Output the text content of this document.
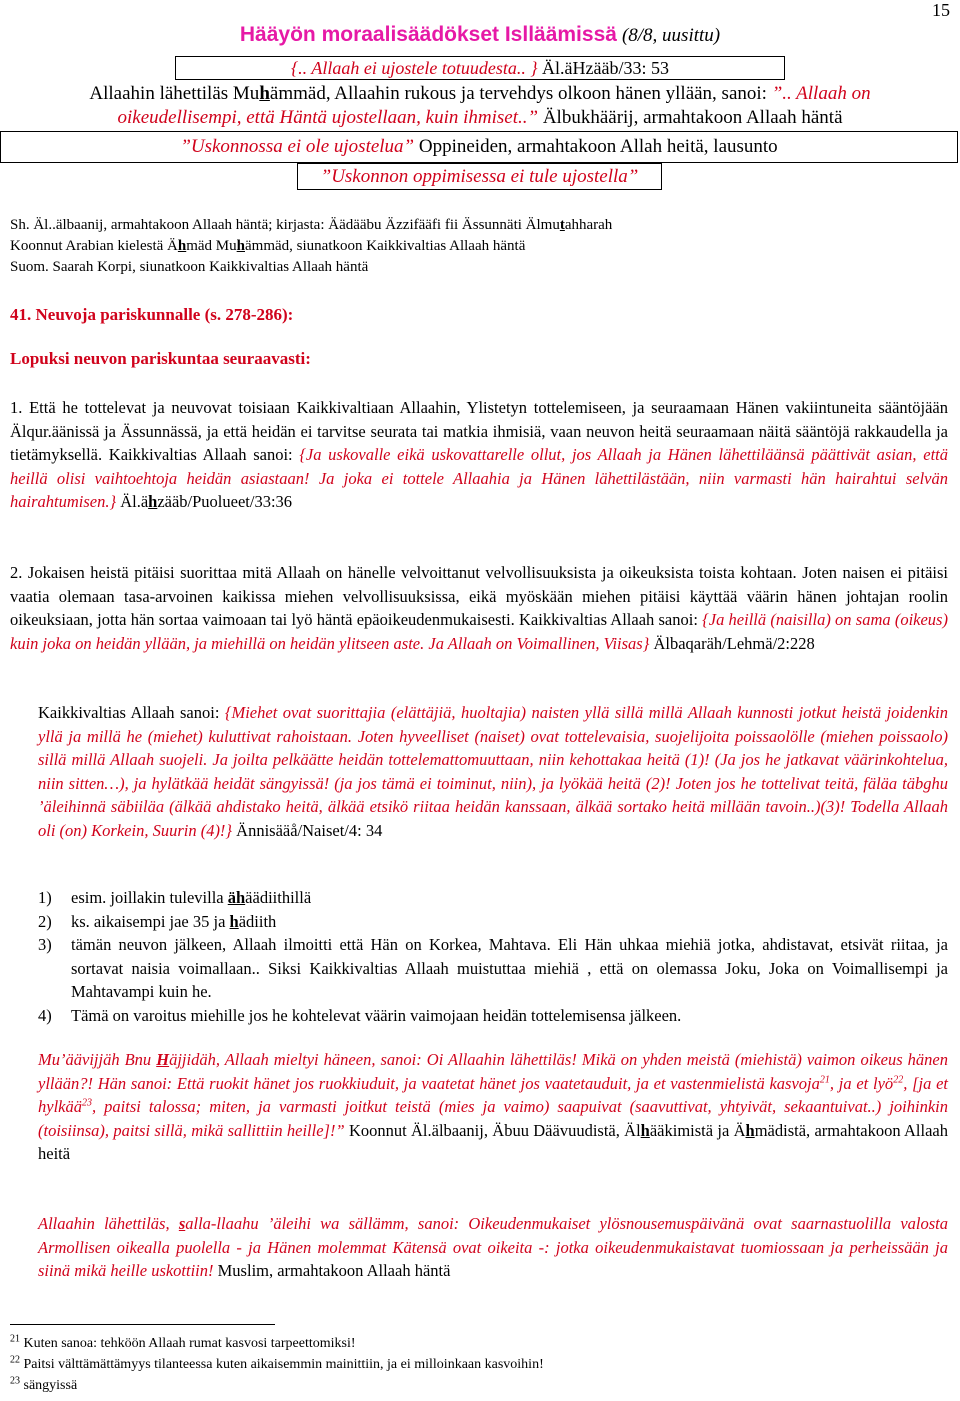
15
Hääyön moraalisäädökset Islläämissä (8/8, uusittu)
{.. Allaah ei ujostele totuudesta.. } Äl.äHzääb/33: 53
Allaahin lähettiläs Muhämmäd, Allaahin rukous ja tervehdys olkoon hänen yllään, sanoi: ”.. Allaah on
oikeudellisempi, että Häntä ujostellaan, kuin ihmiset..” Älbukhäärij, armahtakoon Allaah häntä
”Uskonnossa ei ole ujostelua” Oppineiden, armahtakoon Allah heitä, lausunto
”Uskonnon oppimisessa ei tule ujostella”
Sh. Äl..älbaanij, armahtakoon Allaah häntä; kirjasta: Äädääbu Äzzifääfi fii Ässunnäti Älmutahharah
Koonnut Arabian kielestä Ähmäd Muhämmäd, siunatkoon Kaikkivaltias Allaah häntä
Suom. Saarah Korpi, siunatkoon Kaikkivaltias Allaah häntä
41. Neuvoja pariskunnalle (s. 278-286):
Lopuksi neuvon pariskuntaa seuraavasti:
1. Että he tottelevat ja neuvovat toisiaan Kaikkivaltiaan Allaahin, Ylistetyn tottelemiseen, ja seuraamaan Hänen vakiintuneita sääntöjään Älqur.äänissä ja Ässunnässä, ja että heidän ei tarvitse seurata tai matkia ihmisiä, vaan neuvon heitä seuraamaan näitä sääntöjä rakkaudella ja tietämyksellä. Kaikkivaltias Allaah sanoi: {Ja uskovalle eikä uskovattarelle ollut, jos Allaah ja Hänen lähettiläänsä päättivät asian, että heillä olisi vaihtoehtoja heidän asiastaan! Ja joka ei tottele Allaahia ja Hänen lähettilästään, niin varmasti hän hairahtui selvän hairahtumisen.} Äl.ähzääb/Puolueet/33:36
2. Jokaisen heistä pitäisi suorittaa mitä Allaah on hänelle velvoittanut velvollisuuksista ja oikeuksista toista kohtaan. Joten naisen ei pitäisi vaatia olemaan tasa-arvoinen kaikissa miehen velvollisuuksissa, eikä myöskään miehen pitäisi käyttää väärin hänen johtajan roolin oikeuksiaan, jotta hän sortaa vaimoaan tai lyö häntä epäoikeudenmukaisesti. Kaikkivaltias Allaah sanoi: {Ja heillä (naisilla) on sama (oikeus) kuin joka on heidän yllään, ja miehillä on heidän ylitseen aste. Ja Allaah on Voimallinen, Viisas} Älbaqaräh/Lehmä/2:228
Kaikkivaltias Allaah sanoi: {Miehet ovat suorittajia (elättäjiä, huoltajia) naisten yllä sillä millä Allaah kunnosti jotkut heistä joidenkin yllä ja millä he (miehet) kuluttivat rahoistaan. Joten hyveelliset (naiset) ovat tottelevaisia, suojelijoita poissaolölle (miehen poissaolo) sillä millä Allaah suojeli. Ja joilta pelkäätte heidän tottelemattomuuttaan, niin kehottakaa heitä (1)! (Ja jos he jatkavat väärinkohtelua, niin sitten…), ja hylätkää heidät sängyissä! (ja jos tämä ei toiminut, niin), ja lyökää heitä (2)! Joten jos he tottelivat teitä, fäläa täbghu ’äleihinnä säbiiläa (älkää ahdistako heitä, älkää etsikö riitaa heidän kanssaan, älkää sortako heitä millään tavoin..)(3)! Todella Allaah oli (on) Korkein, Suurin (4)!} Ännisääå/Naiset/4: 34
1) esim. joillakin tulevilla ähäädiithillä
2) ks. aikaisempi jae 35 ja hädiith
3) tämän neuvon jälkeen, Allaah ilmoitti että Hän on Korkea, Mahtava. Eli Hän uhkaa miehiä jotka, ahdistavat, etsivät riitaa, ja sortavat naisia voimallaan.. Siksi Kaikkivaltias Allaah muistuttaa miehiä , että on olemassa Joku, Joka on Voimallisempi ja Mahtavampi kuin he.
4) Tämä on varoitus miehille jos he kohtelevat väärin vaimojaan heidän tottelemisensa jälkeen.
Mu’äävijjäh Bnu Häjjidäh, Allaah mieltyi häneen, sanoi: Oi Allaahin lähettiläs! Mikä on yhden meistä (miehistä) vaimon oikeus hänen yllään?! Hän sanoi: Että ruokit hänet jos ruokkiuduit, ja vaatetat hänet jos vaatetauduit, ja et vastenmielistä kasvoja$^{21}$, ja et lyö$^{22}$, [ja et hylkää$^{23}$, paitsi talossa; miten, ja varmasti joitkut teistä (mies ja vaimo) saapuivat (saavuttivat, yhtyivät, sekaantuivat..) joihinkin (toisiinsa), paitsi sillä, mikä sallittiin heille]!” Koonnut Äl.älbaanij, Äbuu Däävuudistä, Älhääkimistä ja Ähmädistä, armahtakoon Allaah heitä
Allaahin lähettiläs, salla-llaahu ’äleihi wa sällämm, sanoi: Oikeudenmukaiset ylösnousemuspäivänä ovat saarnastuolilla valosta Armollisen oikealla puolella - ja Hänen molemmat Kätensä ovat oikeita -: jotka oikeudenmukaistavat tuomiossaan ja perheissään ja siinä mikä heille uskottiin! Muslim, armahtakoon Allaah häntä
$^{21}$ Kuten sanoa: tehköön Allaah rumat kasvosi tarpeettomiksi!
$^{22}$ Paitsi välttämättämyys tilanteessa kuten aikaisemmin mainittiin, ja ei milloinkaan kasvoihin!
$^{23}$ sängyissä
